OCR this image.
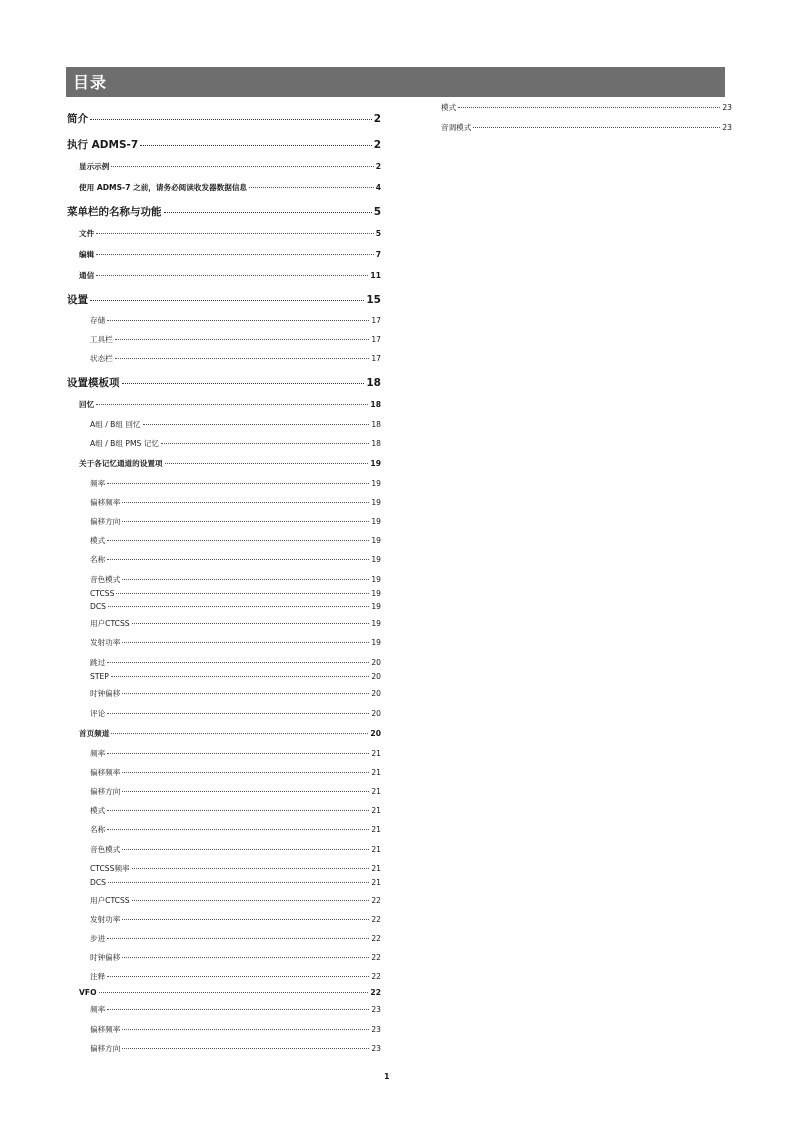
目录
简介	2
执行 ADMS-7	2
显示示例	2
使用 ADMS-7 之前，请务必阅读收发器数据信息	4
菜单栏的名称与功能	5
文件	5
编辑	7
通信	11
设置	15
存储	17
工具栏	17
状态栏	17
设置模板项	18
回忆	18
A组 / B组 回忆	18
A组 / B组 PMS 记忆	18
关于各记忆通道的设置项	19
频率	19
偏移频率	19
偏移方向	19
模式	19
名称	19
音色模式	19
CTCSS	19
DCS	19
用户CTCSS	19
发射功率	19
跳过	20
STEP	20
时钟偏移	20
评论	20
首页频道	20
频率	21
偏移频率	21
偏移方向	21
模式	21
名称	21
音色模式	21
CTCSS频率	21
DCS	21
用户CTCSS	22
发射功率	22
步进	22
时钟偏移	22
注释	22
VFO	22
频率	23
偏移频率	23
偏移方向	23
模式	23
音调模式	23
1
